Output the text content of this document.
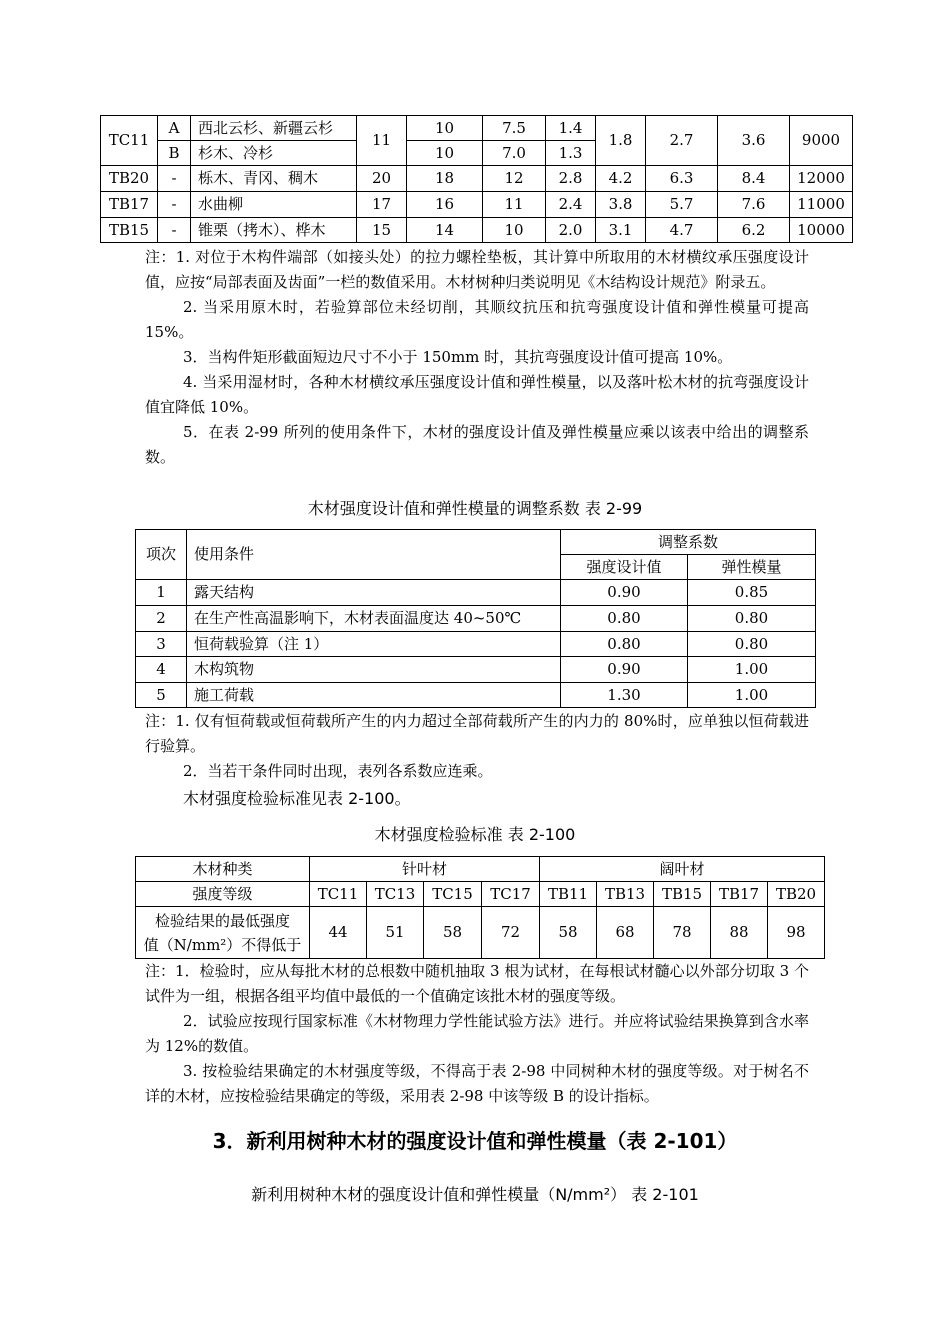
TC11	A	西北云杉、新疆云杉	11	10	7.5	1.4	1.8	2.7	3.6	9000
	B	杉木、冷杉		10	7.0	1.3				
TB20	-	栎木、青冈、稠木	20	18	12	2.8	4.2	6.3	8.4	12000
TB17	-	水曲柳	17	16	11	2.4	3.8	5.7	7.6	11000
TB15	-	锥栗（拷木）、桦木	15	14	10	2.0	3.1	4.7	6.2	10000
注：1. 对位于木构件端部（如接头处）的拉力螺栓垫板，其计算中所取用的木材横纹承压强度设计值，应按“局部表面及齿面”一栏的数值采用。木材树种归类说明见《木结构设计规范》附录五。
2. 当采用原木时，若验算部位未经切削，其顺纹抗压和抗弯强度设计值和弹性模量可提高 15%。
3．当构件矩形截面短边尺寸不小于 150mm 时，其抗弯强度设计值可提高 10%。
4. 当采用湿材时，各种木材横纹承压强度设计值和弹性模量，以及落叶松木材的抗弯强度设计值宜降低 10%。
5．在表 2-99 所列的使用条件下，木材的强度设计值及弹性模量应乘以该表中给出的调整系数。
木材强度设计值和弹性模量的调整系数 表 2-99
项次	使用条件	调整系数	
		强度设计值	弹性模量
1	露天结构	0.90	0.85
2	在生产性高温影响下，木材表面温度达 40~50℃	0.80	0.80
3	恒荷载验算（注 1）	0.80	0.80
4	木构筑物	0.90	1.00
5	施工荷载	1.30	1.00
注：1. 仅有恒荷载或恒荷载所产生的内力超过全部荷载所产生的内力的 80%时，应单独以恒荷载进行验算。
2．当若干条件同时出现，表列各系数应连乘。
木材强度检验标准见表 2-100。
木材强度检验标准 表 2-100
木材种类	针叶材				阔叶材				
强度等级	TC11	TC13	TC15	TC17	TB11	TB13	TB15	TB17	TB20

检验结果的最低强度
值（N/mm²）不得低于	44	51	58	72	58	68	78	88	98
注：1．检验时，应从每批木材的总根数中随机抽取 3 根为试材，在每根试材髓心以外部分切取 3 个试件为一组，根据各组平均值中最低的一个值确定该批木材的强度等级。
2．试验应按现行国家标准《木材物理力学性能试验方法》进行。并应将试验结果换算到含水率为 12%的数值。
3. 按检验结果确定的木材强度等级，不得高于表 2-98 中同树种木材的强度等级。对于树名不详的木材，应按检验结果确定的等级，采用表 2-98 中该等级 B 的设计指标。
3．新利用树种木材的强度设计值和弹性模量（表 2-101）
新利用树种木材的强度设计值和弹性模量（N/mm²） 表 2-101
